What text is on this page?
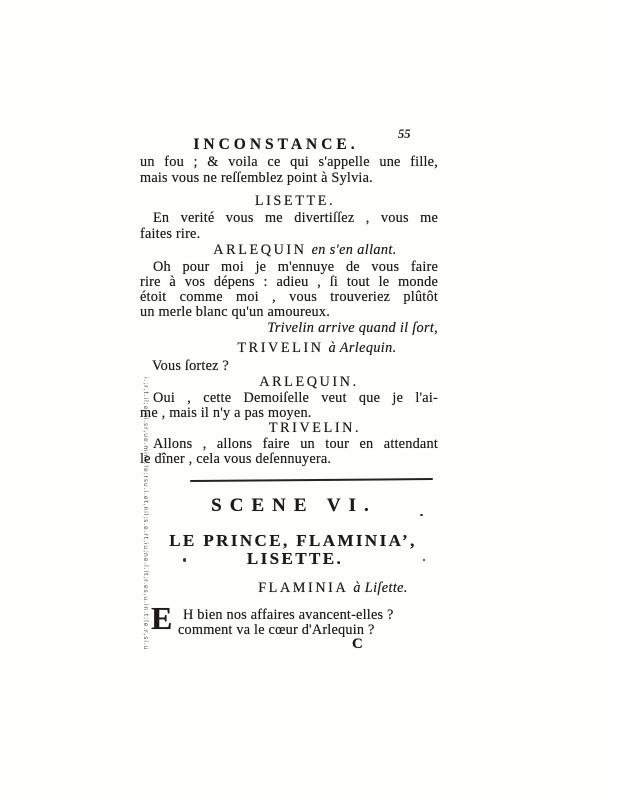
i.;r,t.il;e.ni.sr,ue.mint.le;rsu.i.et,nil;s.e.rt,iu;ne.l.it;r.es,u.in.t;le.r,si.u
INCONSTANCE.
55
un fou ; & voila ce qui s'appelle une fille,
mais vous ne reſſemblez point à Sylvia.
LISETTE.
En verité vous me divertiſſez , vous me
faites rire.
ARLEQUIN en s'en allant.
Oh pour moi je m'ennuye de vous faire
rire à vos dépens : adieu , ſi tout le monde
étoit comme moi , vous trouveriez plûtôt
un merle blanc qu'un amoureux.
Trivelin arrive quand il ſort,
TRIVELIN à Arlequin.
Vous ſortez ?
ARLEQUIN.
Oui , cette Demoiſelle veut que je l'ai-
me , mais il n'y a pas moyen.
TRIVELIN.
Allons , allons faire un tour en attendant
le dîner , cela vous deſennuyera.
SCENE VI.
LE PRINCE, FLAMINIA’,
LISETTE.
FLAMINIA à Liſette.
E H bien nos affaires avancent-elles ?
comment va le cœur d'Arlequin ?
C
